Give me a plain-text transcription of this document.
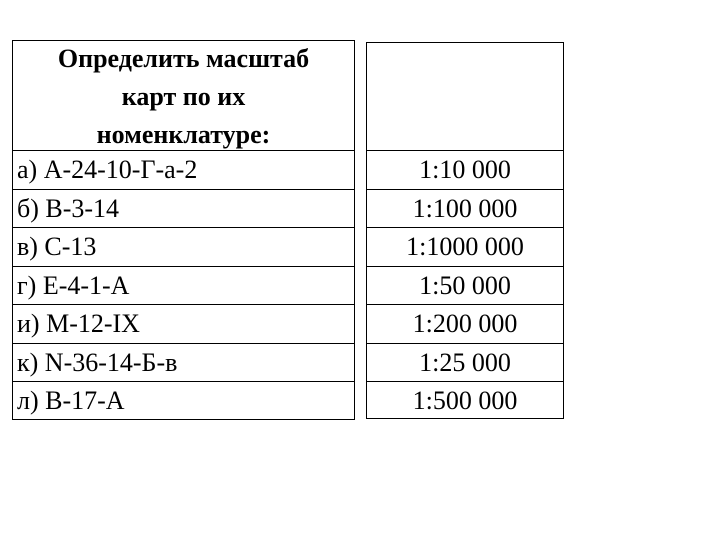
Определить масштаб
карт по их
номенклатуре:
а) А-24-10-Г-а-2
б) В-3-14
в) С-13
г) Е-4-1-А
и) М-12-IX
к) N-36-14-Б-в
л) В-17-А
1:10 000
1:100 000
1:1000 000
1:50 000
1:200 000
1:25 000
1:500 000
